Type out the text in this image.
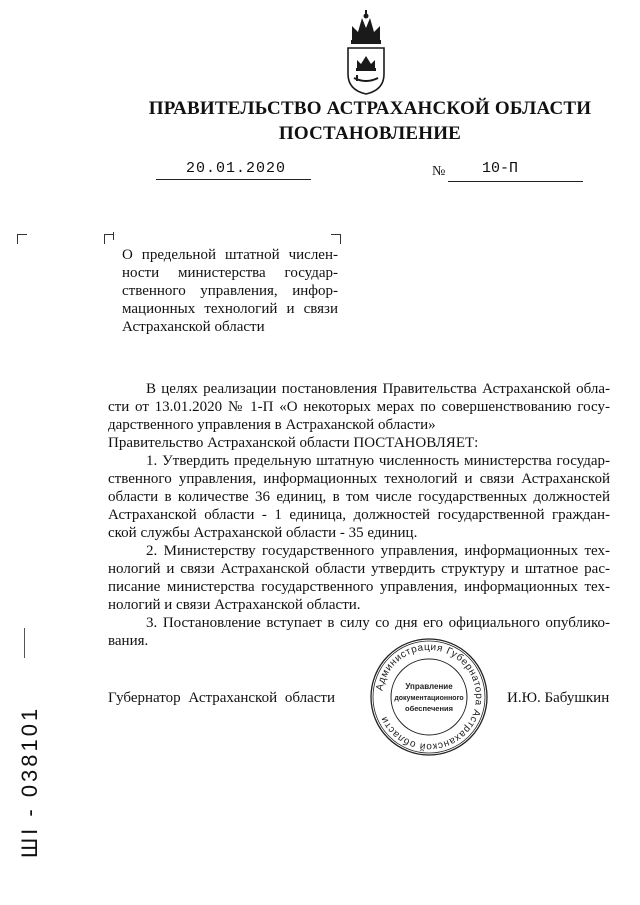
ПРАВИТЕЛЬСТВО АСТРАХАНСКОЙ ОБЛАСТИ
ПОСТАНОВЛЕНИЕ
20.01.2020	№ 10-П
О предельной штатной числен-
ности министерства государ-
ственного управления, инфор-
мационных технологий и связи
Астраханской области
В целях реализации постановления Правительства Астраханской обла-
сти от 13.01.2020 № 1-П «О некоторых мерах по совершенствованию госу-
дарственного управления в Астраханской области»
Правительство Астраханской области ПОСТАНОВЛЯЕТ:
1. Утвердить предельную штатную численность министерства государ-
ственного управления, информационных технологий и связи Астраханской
области в количестве 36 единиц, в том числе государственных должностей
Астраханской области - 1 единица, должностей государственной граждан-
ской службы Астраханской области - 35 единиц.
2. Министерству государственного управления, информационных тех-
нологий и связи Астраханской области утвердить структуру и штатное рас-
писание министерства государственного управления, информационных тех-
нологий и связи Астраханской области.
3. Постановление вступает в силу со дня его официального опублико-
вания.
Губернатор Астраханской области	И.Ю. Бабушкин
Администрация Губернатора Астраханской области
Управление
документационного
обеспечения
ШI - 038101
